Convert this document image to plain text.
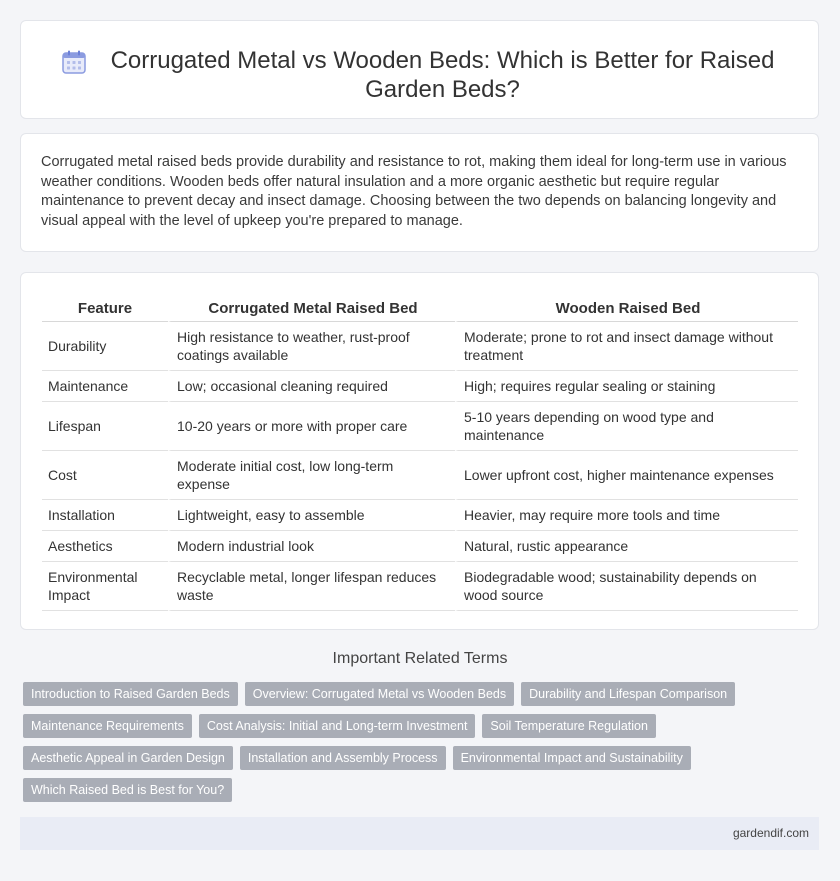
Corrugated Metal vs Wooden Beds: Which is Better for Raised Garden Beds?

Corrugated metal raised beds provide durability and resistance to rot, making them ideal for long-term use in various weather conditions. Wooden beds offer natural insulation and a more organic aesthetic but require regular maintenance to prevent decay and insect damage. Choosing between the two depends on balancing longevity and visual appeal with the level of upkeep you're prepared to manage.

Feature	Corrugated Metal Raised Bed	Wooden Raised Bed
Durability	High resistance to weather, rust-proof coatings available	Moderate; prone to rot and insect damage without treatment
Maintenance	Low; occasional cleaning required	High; requires regular sealing or staining
Lifespan	10-20 years or more with proper care	5-10 years depending on wood type and maintenance
Cost	Moderate initial cost, low long-term expense	Lower upfront cost, higher maintenance expenses
Installation	Lightweight, easy to assemble	Heavier, may require more tools and time
Aesthetics	Modern industrial look	Natural, rustic appearance
Environmental Impact	Recyclable metal, longer lifespan reduces waste	Biodegradable wood; sustainability depends on wood source
Important Related Terms
Introduction to Raised Garden Beds	Overview: Corrugated Metal vs Wooden Beds	Durability and Lifespan Comparison
Maintenance Requirements	Cost Analysis: Initial and Long-term Investment	Soil Temperature Regulation
Aesthetic Appeal in Garden Design	Installation and Assembly Process	Environmental Impact and Sustainability
Which Raised Bed is Best for You?
gardendif.com
